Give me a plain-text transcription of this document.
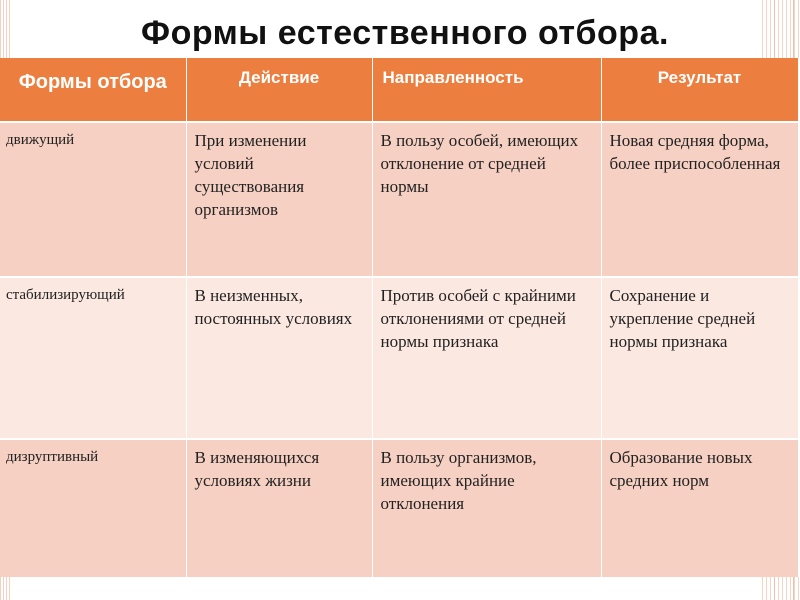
Формы естественного отбора.
Формы отбора	Действие	Направленность	Результат
движущий	При изменении условий существования организмов	В пользу особей, имеющих отклонение от средней нормы	Новая средняя форма, более приспособленная
стабилизирующий	В неизменных, постоянных условиях	Против особей с крайними отклонениями от средней нормы признака	Сохранение и укрепление средней нормы признака
дизруптивный	В изменяющихся условиях жизни	В пользу организмов, имеющих крайние отклонения	Образование новых средних норм
